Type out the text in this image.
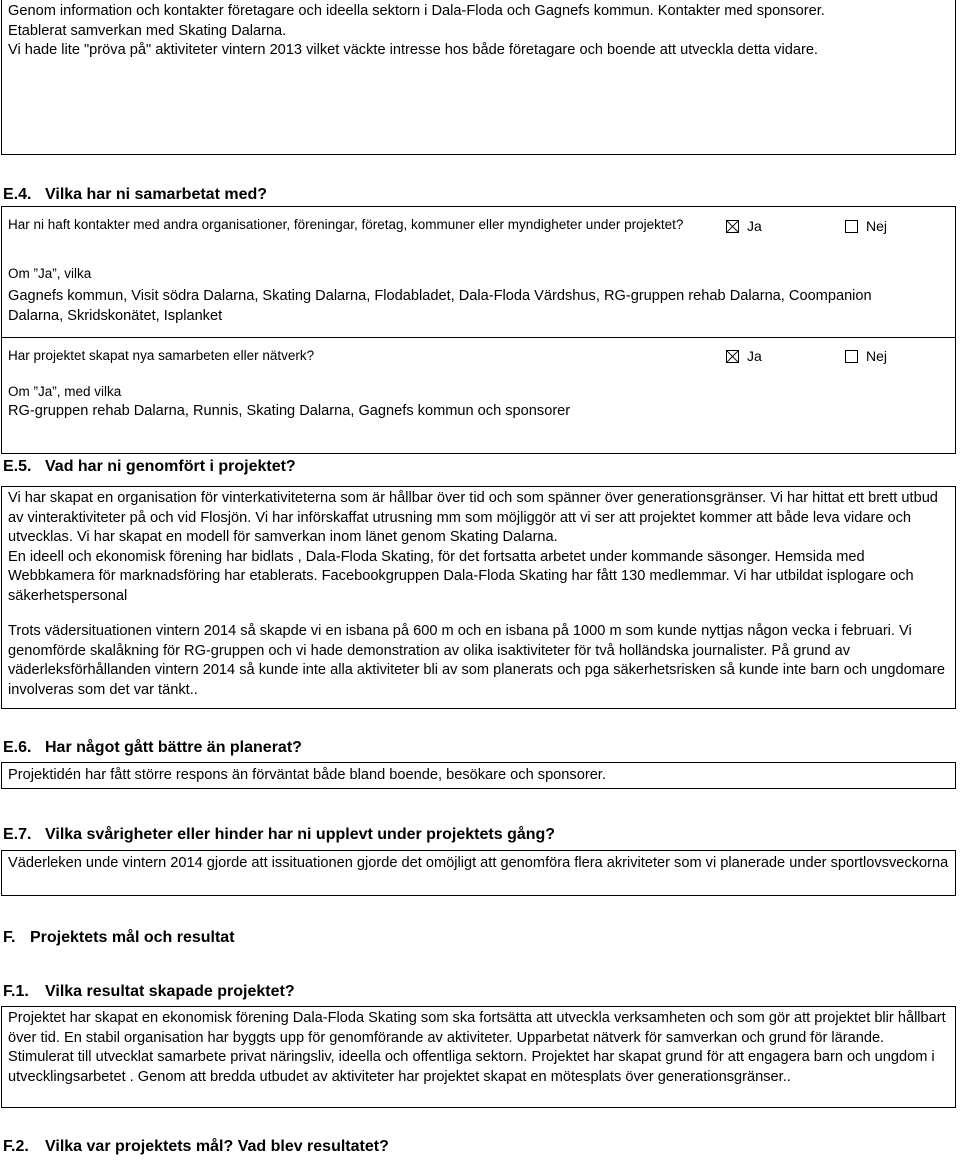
Genom information och kontakter företagare och ideella sektorn i Dala-Floda och Gagnefs kommun. Kontakter med sponsorer.

Etablerat samverkan med Skating Dalarna.

Vi hade lite "pröva på" aktiviteter vintern 2013 vilket väckte intresse hos både företagare och boende att utveckla detta vidare.

E.4. Vilka har ni samarbetat med?
Har ni haft kontakter med andra organisationer, föreningar, företag, kommuner eller myndigheter under projektet?	Ja	Nej
Om ”Ja”, vilka
Gagnefs kommun, Visit södra Dalarna, Skating Dalarna, Flodabladet, Dala-Floda Värdshus, RG-gruppen rehab Dalarna, Coompanion Dalarna, Skridskonätet, Isplanket
Har projektet skapat nya samarbeten eller nätverk?	Ja	Nej
Om ”Ja”, med vilka
RG-gruppen rehab Dalarna, Runnis, Skating Dalarna, Gagnefs kommun och sponsorer
E.5. Vad har ni genomfört i projektet?

Vi har skapat en organisation för vinterkativiteterna som är hållbar över tid och som spänner över generationsgränser. Vi har hittat ett brett utbud av vinteraktiviteter på och vid Flosjön. Vi har införskaffat utrusning mm som möjliggör att vi ser att projektet kommer att både leva vidare och utvecklas. Vi har skapat en modell för samverkan inom länet genom Skating Dalarna.

En ideell och ekonomisk förening har bidlats , Dala-Floda Skating, för det fortsatta arbetet under kommande säsonger. Hemsida med Webbkamera för marknadsföring har etablerats. Facebookgruppen Dala-Floda Skating har fått 130 medlemmar. Vi har utbildat isplogare och säkerhetspersonal

Trots vädersituationen vintern 2014 så skapde vi en isbana på 600 m och en isbana på 1000 m som kunde nyttjas någon vecka i februari. Vi genomförde skalåkning för RG-gruppen och vi hade demonstration av olika isaktiviteter för två holländska journalister. På grund av väderleksförhållanden vintern 2014 så kunde inte alla aktiviteter bli av som planerats och pga säkerhetsrisken så kunde inte barn och ungdomare involveras som det var tänkt..

E.6. Har något gått bättre än planerat?

Projektidén har fått större respons än förväntat både bland boende, besökare och sponsorer.

E.7. Vilka svårigheter eller hinder har ni upplevt under projektets gång?

Väderleken unde vintern 2014 gjorde att issituationen gjorde det omöjligt att genomföra flera akriviteter som vi planerade under sportlovsveckorna

F. Projektets mål och resultat
F.1. Vilka resultat skapade projektet?

Projektet har skapat en ekonomisk förening Dala-Floda Skating som ska fortsätta att utveckla verksamheten och som gör att projektet blir hållbart över tid. En stabil organisation har byggts upp för genomförande av aktiviteter. Upparbetat nätverk för samverkan och grund för lärande. Stimulerat till utvecklat samarbete privat näringsliv, ideella och offentliga sektorn. Projektet har skapat grund för att engagera barn och ungdom i utvecklingsarbetet . Genom att bredda utbudet av aktiviteter har projektet skapat en mötesplats över generationsgränser..

F.2. Vilka var projektets mål? Vad blev resultatet?
